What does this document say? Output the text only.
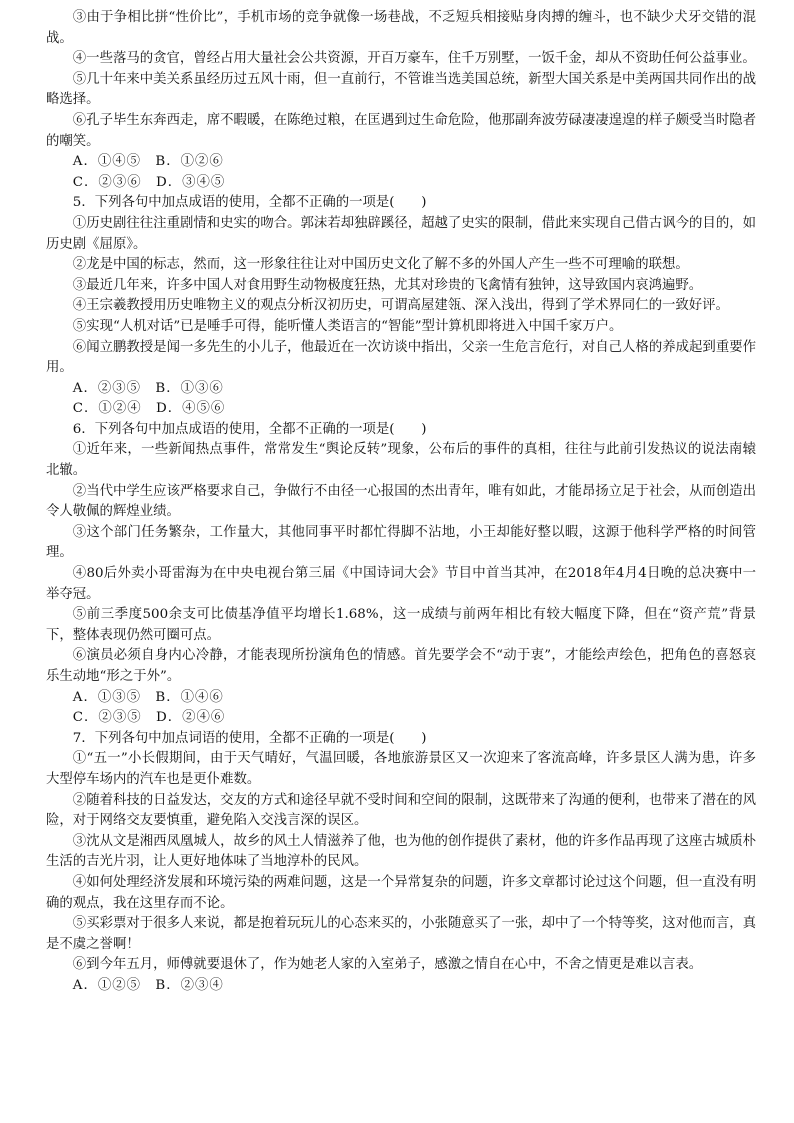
③由于争相比拼“性价比”，手机市场的竞争就像一场巷战，不乏短兵相接贴身肉搏的缠斗，也不缺少犬牙交错的混战。

④一些落马的贪官，曾经占用大量社会公共资源，开百万豪车，住千万别墅，一饭千金，却从不资助任何公益事业。

⑤几十年来中美关系虽经历过五风十雨，但一直前行，不管谁当选美国总统，新型大国关系是中美两国共同作出的战略选择。

⑥孔子毕生东奔西走，席不暇暖，在陈绝过粮，在匡遇到过生命危险，他那副奔波劳碌凄凄遑遑的样子颇受当时隐者的嘲笑。

A．①④⑤　B．①②⑥

C．②③⑥　D．③④⑤

5．下列各句中加点成语的使用，全都不正确的一项是(　　)

①历史剧往往注重剧情和史实的吻合。郭沫若却独辟蹊径，超越了史实的限制，借此来实现自己借古讽今的目的，如历史剧《屈原》。

②龙是中国的标志，然而，这一形象往往让对中国历史文化了解不多的外国人产生一些不可理喻的联想。

③最近几年来，许多中国人对食用野生动物极度狂热，尤其对珍贵的飞禽情有独钟，这导致国内哀鸿遍野。

④王宗羲教授用历史唯物主义的观点分析汉初历史，可谓高屋建瓴、深入浅出，得到了学术界同仁的一致好评。

⑤实现“人机对话”已是唾手可得，能听懂人类语言的“智能”型计算机即将进入中国千家万户。

⑥闻立鹏教授是闻一多先生的小儿子，他最近在一次访谈中指出，父亲一生危言危行，对自己人格的养成起到重要作用。

A．②③⑤　B．①③⑥

C．①②④　D．④⑤⑥

6．下列各句中加点成语的使用，全都不正确的一项是(　　)

①近年来，一些新闻热点事件，常常发生“舆论反转”现象，公布后的事件的真相，往往与此前引发热议的说法南辕北辙。

②当代中学生应该严格要求自己，争做行不由径一心报国的杰出青年，唯有如此，才能昂扬立足于社会，从而创造出令人敬佩的辉煌业绩。

③这个部门任务繁杂，工作量大，其他同事平时都忙得脚不沾地，小王却能好整以暇，这源于他科学严格的时间管理。

④80后外卖小哥雷海为在中央电视台第三届《中国诗词大会》节目中首当其冲，在2018年4月4日晚的总决赛中一举夺冠。

⑤前三季度500余支可比债基净值平均增长1.68%，这一成绩与前两年相比有较大幅度下降，但在“资产荒”背景下，整体表现仍然可圈可点。

⑥演员必须自身内心冷静，才能表现所扮演角色的情感。首先要学会不“动于衷”，才能绘声绘色，把角色的喜怒哀乐生动地“形之于外”。

A．①③⑤　B．①④⑥

C．②③⑤　D．②④⑥

7．下列各句中加点词语的使用，全都不正确的一项是(　　)

①“五一”小长假期间，由于天气晴好，气温回暖，各地旅游景区又一次迎来了客流高峰，许多景区人满为患，许多大型停车场内的汽车也是更仆难数。

②随着科技的日益发达，交友的方式和途径早就不受时间和空间的限制，这既带来了沟通的便利，也带来了潜在的风险，对于网络交友要慎重，避免陷入交浅言深的误区。

③沈从文是湘西凤凰城人，故乡的风土人情滋养了他，也为他的创作提供了素材，他的许多作品再现了这座古城质朴生活的吉光片羽，让人更好地体味了当地淳朴的民风。

④如何处理经济发展和环境污染的两难问题，这是一个异常复杂的问题，许多文章都讨论过这个问题，但一直没有明确的观点，我在这里存而不论。

⑤买彩票对于很多人来说，都是抱着玩玩儿的心态来买的，小张随意买了一张，却中了一个特等奖，这对他而言，真是不虞之誉啊！

⑥到今年五月，师傅就要退休了，作为她老人家的入室弟子，感激之情自在心中，不舍之情更是难以言表。

A．①②⑤　B．②③④
